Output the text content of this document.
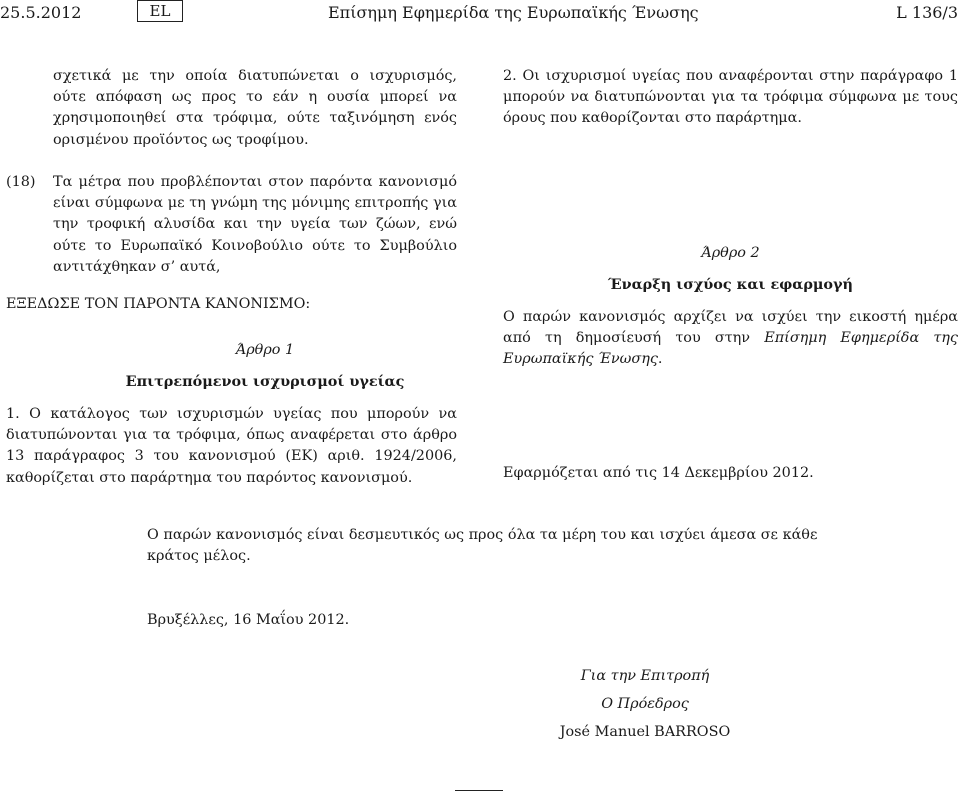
25.5.2012	EL	Επίσημη Εφημερίδα της Ευρωπαϊκής Ένωσης	L 136/3

σχετικά με την οποία διατυπώνεται ο ισχυρισμός, ούτε απόφαση ως προς το εάν η ουσία μπορεί να χρησιμοποιηθεί στα τρόφιμα, ούτε ταξινόμηση ενός ορισμένου προϊόντος ως τροφίμου.

(18) Τα μέτρα που προβλέπονται στον παρόντα κανονισμό είναι σύμφωνα με τη γνώμη της μόνιμης επιτροπής για την τροφική αλυσίδα και την υγεία των ζώων, ενώ ούτε το Ευρωπαϊκό Κοινοβούλιο ούτε το Συμβούλιο αντιτάχθηκαν σ’ αυτά,

ΕΞΕΔΩΣΕ ΤΟΝ ΠΑΡΟΝΤΑ ΚΑΝΟΝΙΣΜΟ:
Άρθρο 1
Επιτρεπόμενοι ισχυρισμοί υγείας

1. Ο κατάλογος των ισχυρισμών υγείας που μπορούν να διατυπώνονται για τα τρόφιμα, όπως αναφέρεται στο άρθρο 13 παράγραφος 3 του κανονισμού (ΕΚ) αριθ. 1924/2006, καθορίζεται στο παράρτημα του παρόντος κανονισμού.

2. Οι ισχυρισμοί υγείας που αναφέρονται στην παράγραφο 1 μπορούν να διατυπώνονται για τα τρόφιμα σύμφωνα με τους όρους που καθορίζονται στο παράρτημα.

Άρθρο 2
Έναρξη ισχύος και εφαρμογή

Ο παρών κανονισμός αρχίζει να ισχύει την εικοστή ημέρα από τη δημοσίευσή του στην Επίσημη Εφημερίδα της Ευρωπαϊκής Ένωσης.

Εφαρμόζεται από τις 14 Δεκεμβρίου 2012.
Ο παρών κανονισμός είναι δεσμευτικός ως προς όλα τα μέρη του και ισχύει άμεσα σε κάθε κράτος μέλος.
Βρυξέλλες, 16 Μαΐου 2012.
Για την Επιτροπή
Ο Πρόεδρος
José Manuel BARROSO
